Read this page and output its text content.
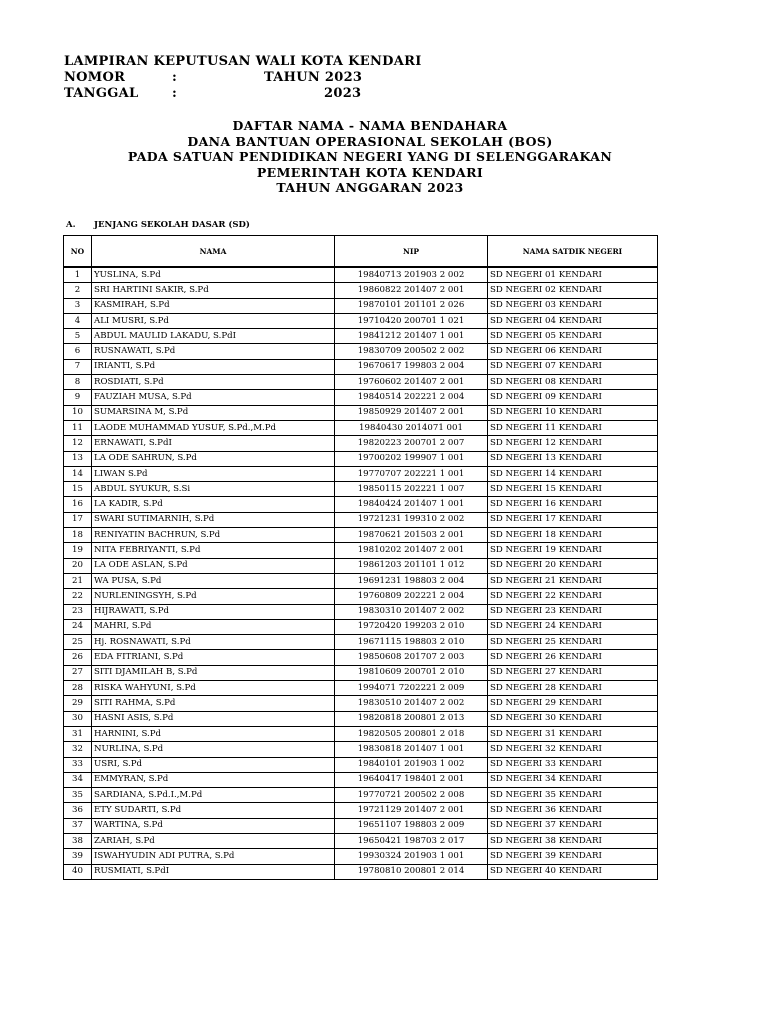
LAMPIRAN KEPUTUSAN WALI KOTA KENDARI
NOMOR	:	TAHUN 2023
TANGGAL	:	2023
DAFTAR NAMA - NAMA BENDAHARA
DANA BANTUAN OPERASIONAL SEKOLAH (BOS)
PADA SATUAN PENDIDIKAN NEGERI YANG DI SELENGGARAKAN
PEMERINTAH KOTA KENDARI
TAHUN ANGGARAN 2023
A. JENJANG SEKOLAH DASAR (SD)
NO	NAMA	NIP	NAMA SATDIK NEGERI
1	YUSLINA, S.Pd	19840713 201903 2 002	SD NEGERI 01 KENDARI
2	SRI HARTINI SAKIR, S.Pd	19860822 201407 2 001	SD NEGERI 02 KENDARI
3	KASMIRAH, S.Pd	19870101 201101 2 026	SD NEGERI 03 KENDARI
4	ALI MUSRI, S.Pd	19710420 200701 1 021	SD NEGERI 04 KENDARI
5	ABDUL MAULID LAKADU, S.PdI	19841212 201407 1 001	SD NEGERI 05 KENDARI
6	RUSNAWATI, S.Pd	19830709 200502 2 002	SD NEGERI 06 KENDARI
7	IRIANTI, S.Pd	19670617 199803 2 004	SD NEGERI 07 KENDARI
8	ROSDIATI, S.Pd	19760602 201407 2 001	SD NEGERI 08 KENDARI
9	FAUZIAH MUSA, S.Pd	19840514 202221 2 004	SD NEGERI 09 KENDARI
10	SUMARSINA M, S.Pd	19850929 201407 2 001	SD NEGERI 10 KENDARI
11	LAODE MUHAMMAD YUSUF, S.Pd.,M.Pd	19840430 2014071 001	SD NEGERI 11 KENDARI
12	ERNAWATI, S.PdI	19820223 200701 2 007	SD NEGERI 12 KENDARI
13	LA ODE SAHRUN, S.Pd	19700202 199907 1 001	SD NEGERI 13 KENDARI
14	LIWAN S.Pd	19770707 202221 1 001	SD NEGERI 14 KENDARI
15	ABDUL SYUKUR, S.Si	19850115 202221 1 007	SD NEGERI 15 KENDARI
16	LA KADIR, S.Pd	19840424 201407 1 001	SD NEGERI 16 KENDARI
17	SWARI SUTIMARNIH, S.Pd	19721231 199310 2 002	SD NEGERI 17 KENDARI
18	RENIYATIN BACHRUN, S.Pd	19870621 201503 2 001	SD NEGERI 18 KENDARI
19	NITA FEBRIYANTI, S.Pd	19810202 201407 2 001	SD NEGERI 19 KENDARI
20	LA ODE ASLAN, S.Pd	19861203 201101 1 012	SD NEGERI 20 KENDARI
21	WA PUSA, S.Pd	19691231 198803 2 004	SD NEGERI 21 KENDARI
22	NURLENINGSYH, S.Pd	19760809 202221 2 004	SD NEGERI 22 KENDARI
23	HIJRAWATI, S.Pd	19830310 201407 2 002	SD NEGERI 23 KENDARI
24	MAHRI, S.Pd	19720420 199203 2 010	SD NEGERI 24 KENDARI
25	Hj. ROSNAWATI, S.Pd	19671115 198803 2 010	SD NEGERI 25 KENDARI
26	EDA FITRIANI, S.Pd	19850608 201707 2 003	SD NEGERI 26 KENDARI
27	SITI DJAMILAH B, S.Pd	19810609 200701 2 010	SD NEGERI 27 KENDARI
28	RISKA WAHYUNI, S.Pd	1994071 7202221 2 009	SD NEGERI 28 KENDARI
29	SITI RAHMA, S.Pd	19830510 201407 2 002	SD NEGERI 29 KENDARI
30	HASNI ASIS, S.Pd	19820818 200801 2 013	SD NEGERI 30 KENDARI
31	HARNINI, S.Pd	19820505 200801 2 018	SD NEGERI 31 KENDARI
32	NURLINA, S.Pd	19830818 201407 1 001	SD NEGERI 32 KENDARI
33	USRI, S.Pd	19840101 201903 1 002	SD NEGERI 33 KENDARI
34	EMMYRAN, S.Pd	19640417 198401 2 001	SD NEGERI 34 KENDARI
35	SARDIANA, S.Pd.I.,M.Pd	19770721 200502 2 008	SD NEGERI 35 KENDARI
36	ETY SUDARTI, S.Pd	19721129 201407 2 001	SD NEGERI 36 KENDARI
37	WARTINA, S.Pd	19651107 198803 2 009	SD NEGERI 37 KENDARI
38	ZARIAH, S.Pd	19650421 198703 2 017	SD NEGERI 38 KENDARI
39	ISWAHYUDIN ADI PUTRA, S.Pd	19930324 201903 1 001	SD NEGERI 39 KENDARI
40	RUSMIATI, S.PdI	19780810 200801 2 014	SD NEGERI 40 KENDARI
